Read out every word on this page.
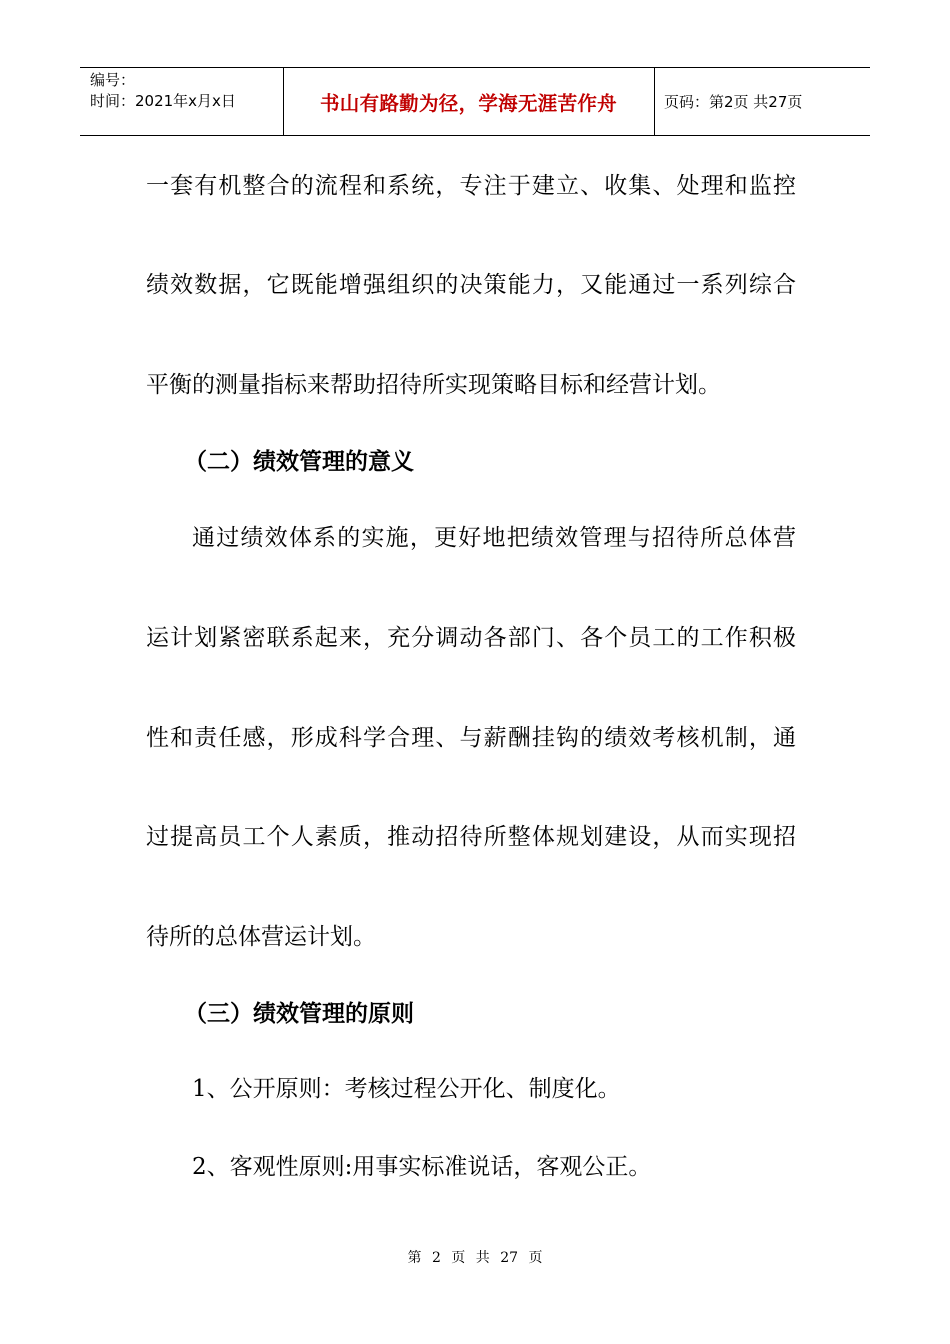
编号：
时间：2021年x月x日	书山有路勤为径，学海无涯苦作舟	页码：第2页 共27页
一套有机整合的流程和系统，专注于建立、收集、处理和监控
绩效数据，它既能增强组织的决策能力，又能通过一系列综合
平衡的测量指标来帮助招待所实现策略目标和经营计划。
（二）绩效管理的意义
通过绩效体系的实施，更好地把绩效管理与招待所总体营
运计划紧密联系起来，充分调动各部门、各个员工的工作积极
性和责任感，形成科学合理、与薪酬挂钩的绩效考核机制，通
过提高员工个人素质，推动招待所整体规划建设，从而实现招
待所的总体营运计划。
（三）绩效管理的原则
1、公开原则：考核过程公开化、制度化。
2、客观性原则:用事实标准说话，客观公正。
第 2 页 共 27 页
